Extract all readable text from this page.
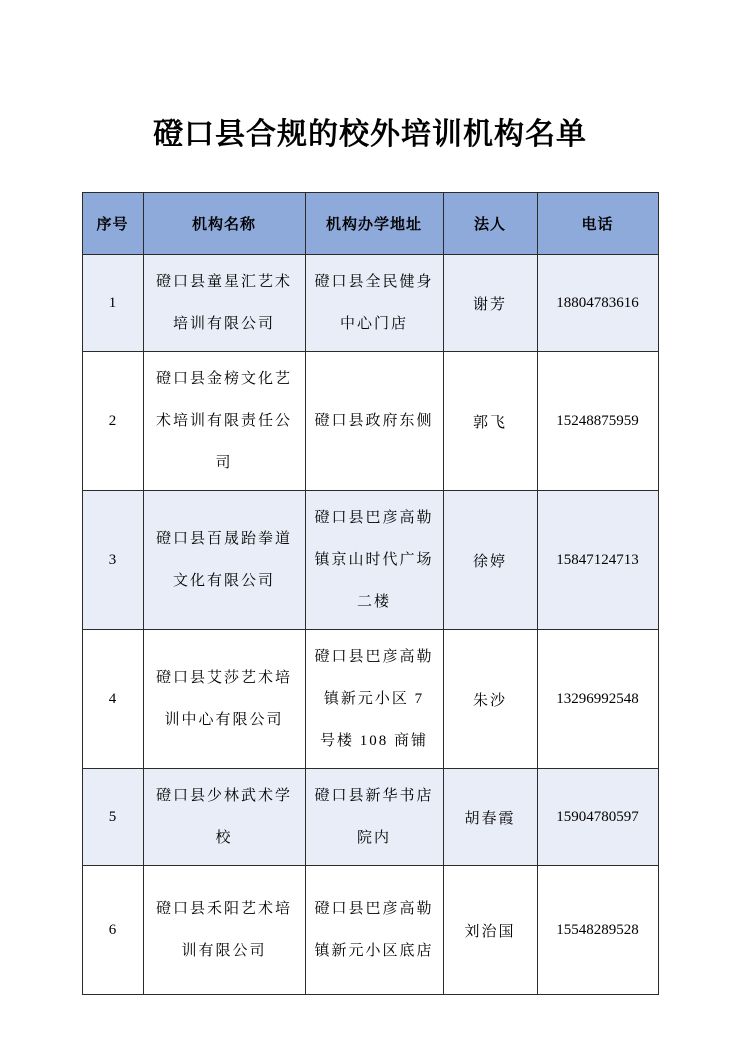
磴口县合规的校外培训机构名单
序号	机构名称	机构办学地址	法人	电话
1	磴口县童星汇艺术培训有限公司	磴口县全民健身中心门店	谢芳	18804783616
2	磴口县金榜文化艺术培训有限责任公司	磴口县政府东侧	郭飞	15248875959
3	磴口县百晟跆拳道文化有限公司	磴口县巴彦高勒镇京山时代广场二楼	徐婷	15847124713
4	磴口县艾莎艺术培训中心有限公司	磴口县巴彦高勒镇新元小区 7 号楼 108 商铺	朱沙	13296992548
5	磴口县少林武术学校	磴口县新华书店院内	胡春霞	15904780597
6	磴口县禾阳艺术培训有限公司	磴口县巴彦高勒镇新元小区底店	刘治国	15548289528
